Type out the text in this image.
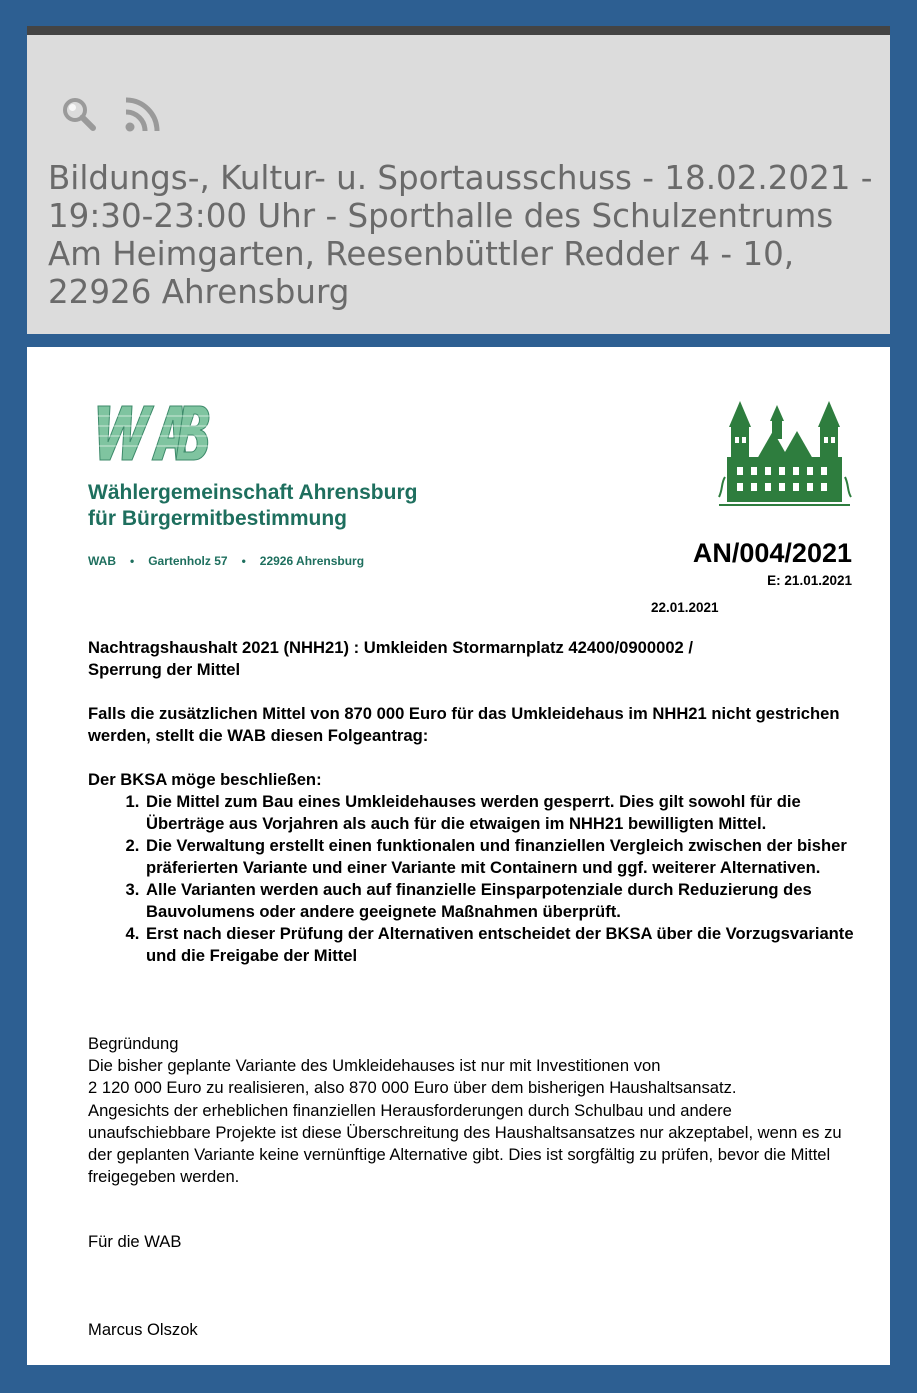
Bildungs-, Kultur- u. Sportausschuss - 18.02.2021 - 19:30-23:00 Uhr - Sporthalle des Schulzentrums Am Heimgarten, Reesenbüttler Redder 4 - 10, 22926 Ahrensburg
Wählergemeinschaft Ahrensburg
für Bürgermitbestimmung
WAB • Gartenholz 57 • 22926 Ahrensburg	AN/004/2021
E: 21.01.2021
22.01.2021
Nachtragshaushalt 2021 (NHH21) : Umkleiden Stormarnplatz 42400/0900002 /
Sperrung der Mittel
Falls die zusätzlichen Mittel von 870 000 Euro für das Umkleidehaus im NHH21 nicht gestrichen werden, stellt die WAB diesen Folgeantrag:
Der BKSA möge beschließen:
1. Die Mittel zum Bau eines Umkleidehauses werden gesperrt. Dies gilt sowohl für die Überträge aus Vorjahren als auch für die etwaigen im NHH21 bewilligten Mittel.
2. Die Verwaltung erstellt einen funktionalen und finanziellen Vergleich zwischen der bisher präferierten Variante und einer Variante mit Containern und ggf. weiterer Alternativen.
3. Alle Varianten werden auch auf finanzielle Einsparpotenziale durch Reduzierung des Bauvolumens oder andere geeignete Maßnahmen überprüft.
4. Erst nach dieser Prüfung der Alternativen entscheidet der BKSA über die Vorzugsvariante und die Freigabe der Mittel

Begründung

Die bisher geplante Variante des Umkleidehauses ist nur mit Investitionen von

2 120 000 Euro zu realisieren, also 870 000 Euro über dem bisherigen Haushaltsansatz.

Angesichts der erheblichen finanziellen Herausforderungen durch Schulbau und andere unaufschiebbare Projekte ist diese Überschreitung des Haushaltsansatzes nur akzeptabel, wenn es zu der geplanten Variante keine vernünftige Alternative gibt. Dies ist sorgfältig zu prüfen, bevor die Mittel freigegeben werden.

Für die WAB
Marcus Olszok
